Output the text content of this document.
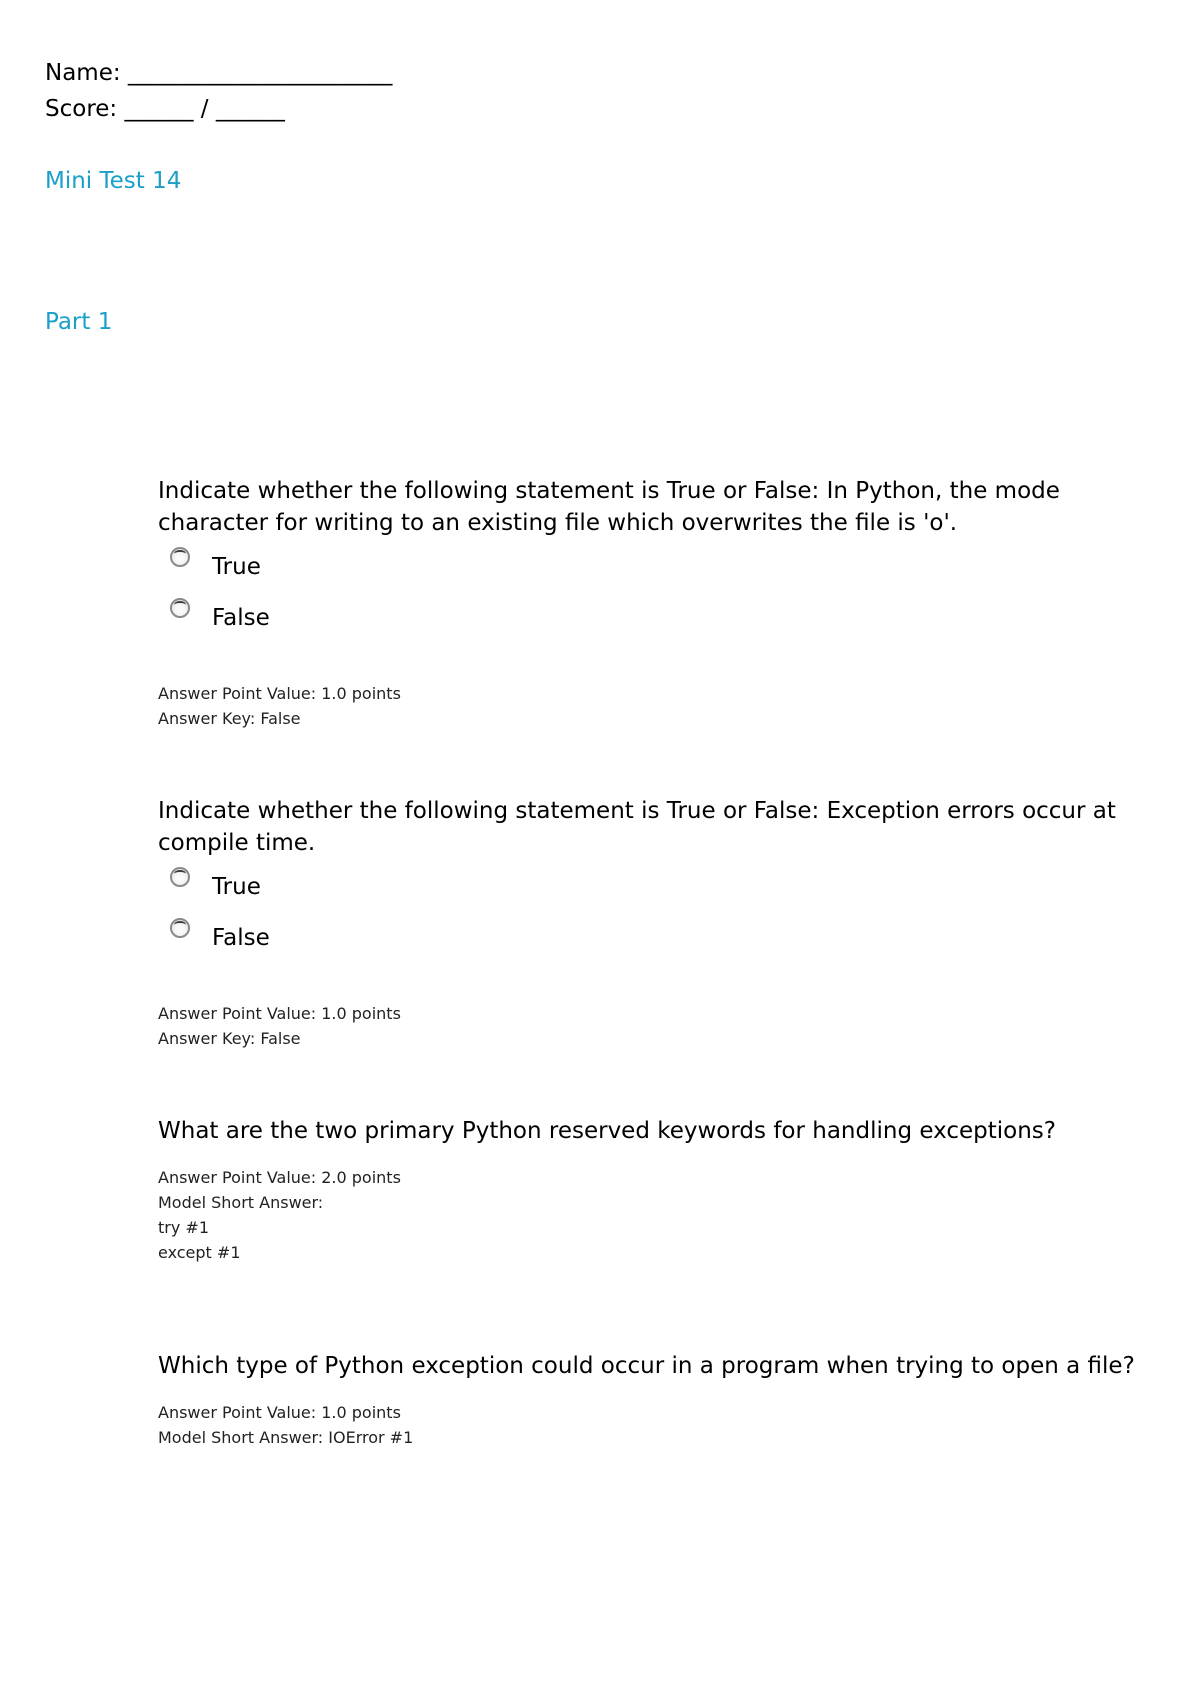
Name: _______________________
Score: ______ / ______
Mini Test 14
Part 1

Indicate whether the following statement is True or False: In Python, the mode character for writing to an existing file which overwrites the file is 'o'.

True
False

Answer Point Value: 1.0 points

Answer Key: False

Indicate whether the following statement is True or False: Exception errors occur at compile time.

True
False

Answer Point Value: 1.0 points

Answer Key: False

What are the two primary Python reserved keywords for handling exceptions?

Answer Point Value: 2.0 points

Model Short Answer:

try #1

except #1

Which type of Python exception could occur in a program when trying to open a file?

Answer Point Value: 1.0 points

Model Short Answer: IOError #1
